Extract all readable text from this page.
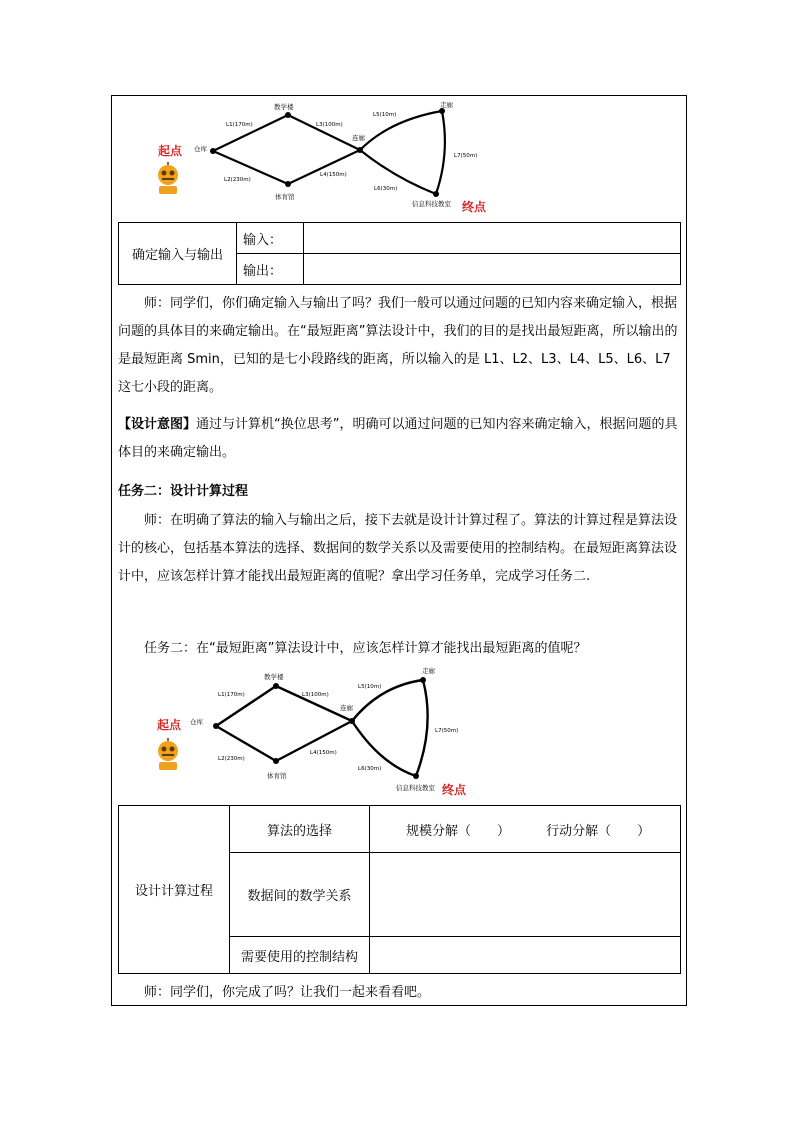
仓库
教学楼
体育馆
连廊
走廊
信息科技教室
L1(170m)
L2(230m)
L3(100m)
L4(150m)
L5(10m)
L6(30m)
L7(50m)
起点
终点
确定输入与输出	输入：	
	输出：	

师：同学们，你们确定输入与输出了吗？我们一般可以通过问题的已知内容来确定输入，根据问题的具体目的来确定输出。在“最短距离”算法设计中，我们的目的是找出最短距离，所以输出的是最短距离 Smin，已知的是七小段路线的距离，所以输入的是 L1、L2、L3、L4、L5、L6、L7 这七小段的距离。

【设计意图】通过与计算机“换位思考”，明确可以通过问题的已知内容来确定输入，根据问题的具体目的来确定输出。

任务二：设计计算过程

师：在明确了算法的输入与输出之后，接下去就是设计计算过程了。算法的计算过程是算法设计的核心，包括基本算法的选择、数据间的数学关系以及需要使用的控制结构。在最短距离算法设计中，应该怎样计算才能找出最短距离的值呢？拿出学习任务单，完成学习任务二.

任务二：在“最短距离”算法设计中，应该怎样计算才能找出最短距离的值呢？
仓库
教学楼
体育馆
连廊
走廊
信息科技教室
L1(170m)
L2(230m)
L3(100m)
L4(150m)
L5(10m)
L6(30m)
L7(50m)
起点
终点
设计计算过程	算法的选择	规模分解（　　） 行动分解（　　）
	数据间的数学关系	
	需要使用的控制结构	

师：同学们，你完成了吗？让我们一起来看看吧。
